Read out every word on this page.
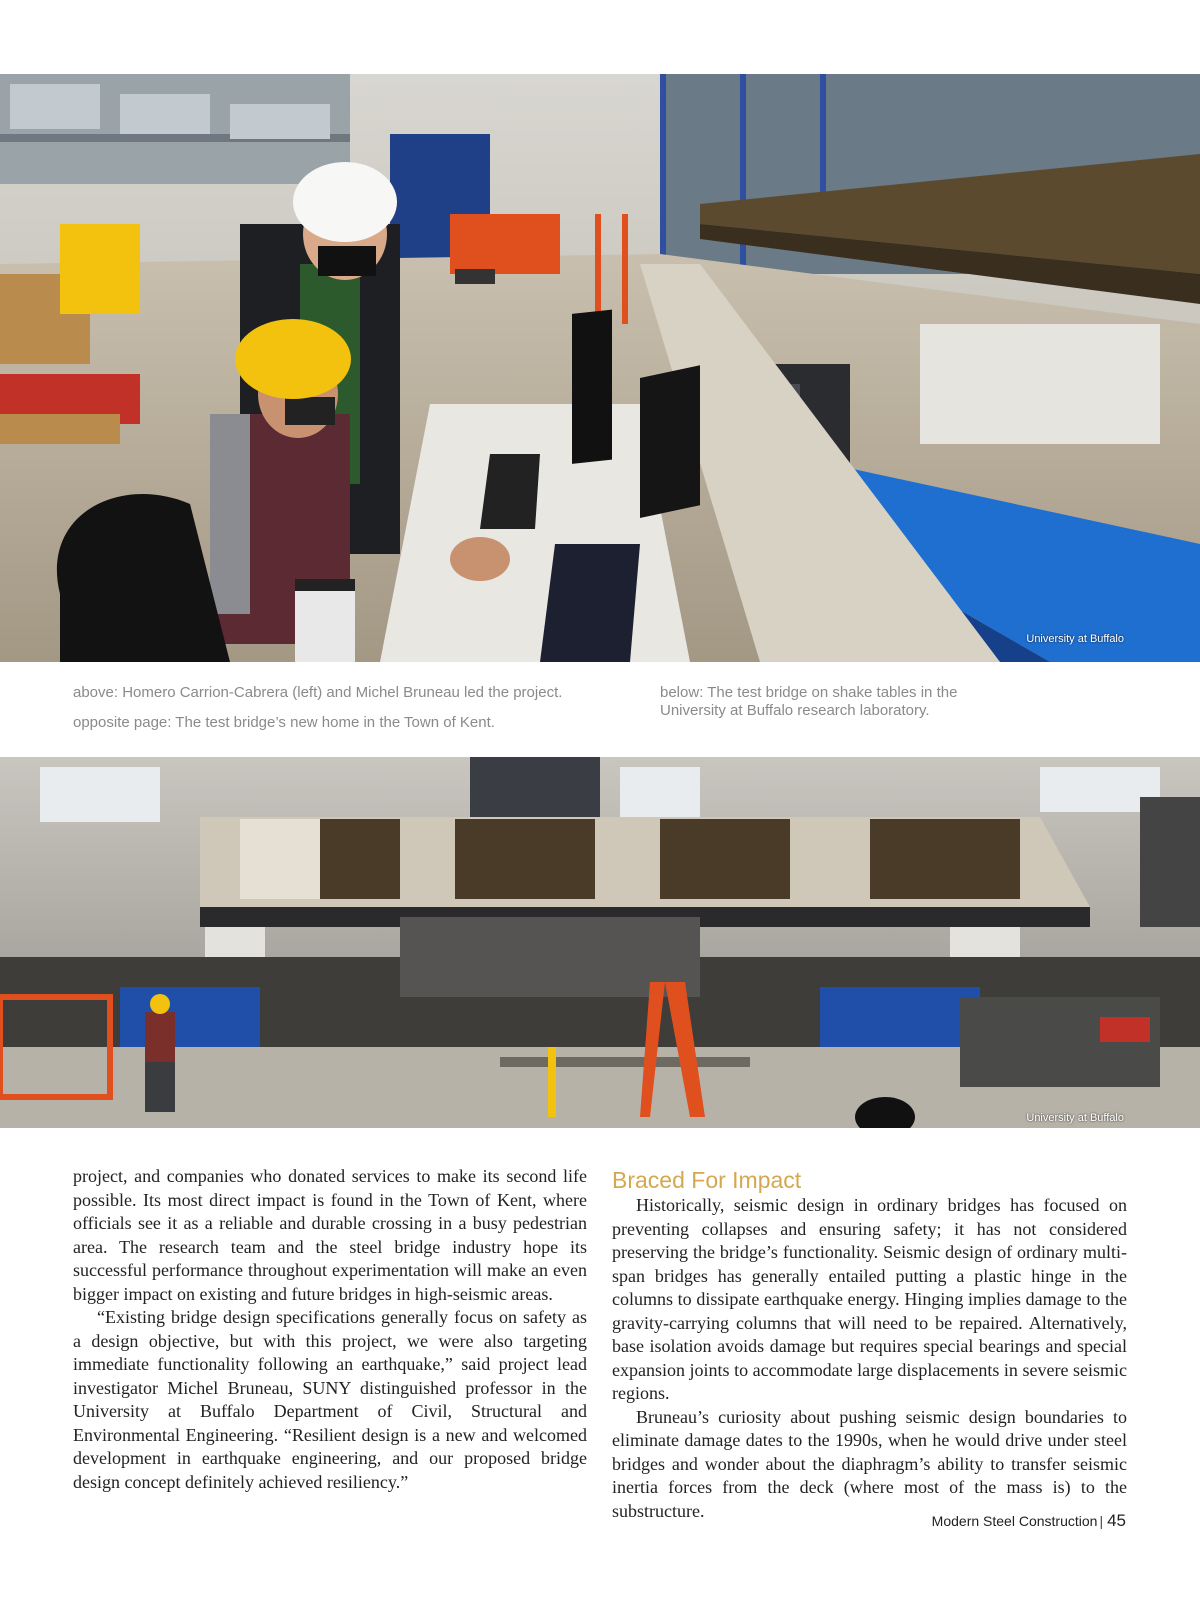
University at Buffalo

above: Homero Carrion-Cabrera (left) and Michel Bruneau led the project.

opposite page: The test bridge’s new home in the Town of Kent.

below: The test bridge on shake tables in the University at Buffalo research laboratory.

University at Buffalo

project, and companies who donated services to make its second life possible. Its most direct impact is found in the Town of Kent, where officials see it as a reliable and durable crossing in a busy pedestrian area. The research team and the steel bridge industry hope its successful performance throughout experimentation will make an even bigger impact on existing and future bridges in high-seismic areas.

“Existing bridge design specifications generally focus on safety as a design objective, but with this project, we were also targeting immediate functionality following an earthquake,” said project lead investigator Michel Bruneau, SUNY distinguished professor in the University at Buffalo Department of Civil, Structural and Environmental Engineering. “Resilient design is a new and welcomed development in earthquake engineering, and our proposed bridge design concept definitely achieved resiliency.”

Braced For Impact

Historically, seismic design in ordinary bridges has focused on preventing collapses and ensuring safety; it has not considered preserving the bridge’s functionality. Seismic design of ordinary multi-span bridges has generally entailed putting a plastic hinge in the columns to dissipate earthquake energy. Hinging implies damage to the gravity-carrying columns that will need to be repaired. Alternatively, base isolation avoids damage but requires special bearings and special expansion joints to accommodate large displacements in severe seismic regions.

Bruneau’s curiosity about pushing seismic design boundaries to eliminate damage dates to the 1990s, when he would drive under steel bridges and wonder about the diaphragm’s ability to transfer seismic inertia forces from the deck (where most of the mass is) to the substructure.

Modern Steel Construction | 45
